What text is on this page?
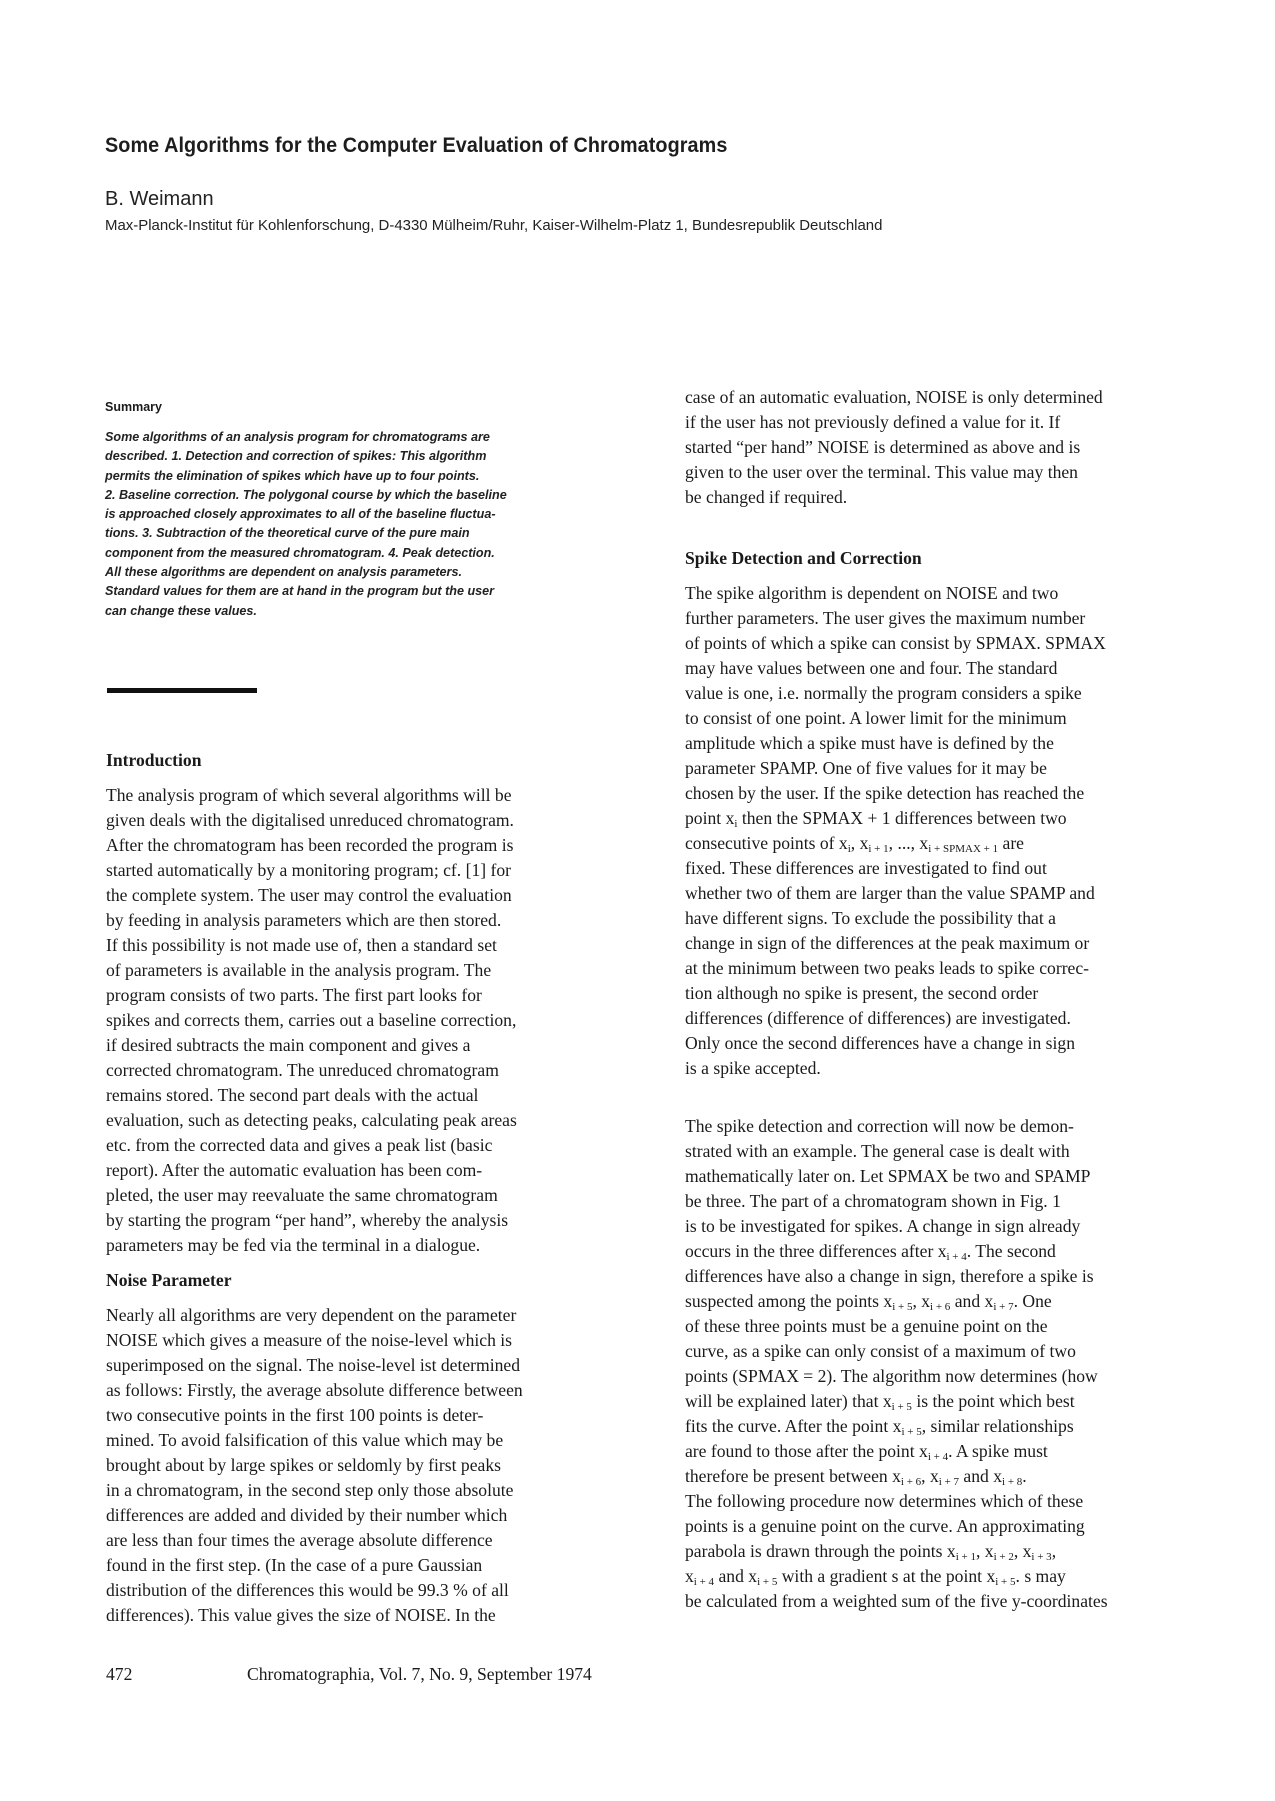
Some Algorithms for the Computer Evaluation of Chromatograms
B. Weimann
Max-Planck-Institut für Kohlenforschung, D-4330 Mülheim/Ruhr, Kaiser-Wilhelm-Platz 1, Bundesrepublik Deutschland
Summary
Some algorithms of an analysis program for chromatograms are
described. 1. Detection and correction of spikes: This algorithm
permits the elimination of spikes which have up to four points.
2. Baseline correction. The polygonal course by which the baseline
is approached closely approximates to all of the baseline fluctua-
tions. 3. Subtraction of the theoretical curve of the pure main
component from the measured chromatogram. 4. Peak detection.
All these algorithms are dependent on analysis parameters.
Standard values for them are at hand in the program but the user
can change these values.
Introduction

The analysis program of which several algorithms will be
given deals with the digitalised unreduced chromatogram.
After the chromatogram has been recorded the program is
started automatically by a monitoring program; cf. [1] for
the complete system. The user may control the evaluation
by feeding in analysis parameters which are then stored.
If this possibility is not made use of, then a standard set
of parameters is available in the analysis program. The
program consists of two parts. The first part looks for
spikes and corrects them, carries out a baseline correction,
if desired subtracts the main component and gives a
corrected chromatogram. The unreduced chromatogram
remains stored. The second part deals with the actual
evaluation, such as detecting peaks, calculating peak areas
etc. from the corrected data and gives a peak list (basic
report). After the automatic evaluation has been com-
pleted, the user may reevaluate the same chromatogram
by starting the program “per hand”, whereby the analysis
parameters may be fed via the terminal in a dialogue.

Noise Parameter

Nearly all algorithms are very dependent on the parameter
NOISE which gives a measure of the noise-level which is
superimposed on the signal. The noise-level ist determined
as follows: Firstly, the average absolute difference between
two consecutive points in the first 100 points is deter-
mined. To avoid falsification of this value which may be
brought about by large spikes or seldomly by first peaks
in a chromatogram, in the second step only those absolute
differences are added and divided by their number which
are less than four times the average absolute difference
found in the first step. (In the case of a pure Gaussian
distribution of the differences this would be 99.3 % of all
differences). This value gives the size of NOISE. In the

case of an automatic evaluation, NOISE is only determined
if the user has not previously defined a value for it. If
started “per hand” NOISE is determined as above and is
given to the user over the terminal. This value may then
be changed if required.

Spike Detection and Correction

The spike algorithm is dependent on NOISE and two
further parameters. The user gives the maximum number
of points of which a spike can consist by SPMAX. SPMAX
may have values between one and four. The standard
value is one, i.e. normally the program considers a spike
to consist of one point. A lower limit for the minimum
amplitude which a spike must have is defined by the
parameter SPAMP. One of five values for it may be
chosen by the user. If the spike detection has reached the
point $x_i$ then the SPMAX + 1 differences between two
consecutive points of $x_i$, $x_{i + 1}$, ..., $x_{i + SPMAX + 1}$ are
fixed. These differences are investigated to find out
whether two of them are larger than the value SPAMP and
have different signs. To exclude the possibility that a
change in sign of the differences at the peak maximum or
at the minimum between two peaks leads to spike correc-
tion although no spike is present, the second order
differences (difference of differences) are investigated.
Only once the second differences have a change in sign
is a spike accepted.

The spike detection and correction will now be demon-
strated with an example. The general case is dealt with
mathematically later on. Let SPMAX be two and SPAMP
be three. The part of a chromatogram shown in Fig. 1
is to be investigated for spikes. A change in sign already
occurs in the three differences after $x_{i + 4}$. The second
differences have also a change in sign, therefore a spike is
suspected among the points $x_{i + 5}$, $x_{i + 6}$ and $x_{i + 7}$. One
of these three points must be a genuine point on the
curve, as a spike can only consist of a maximum of two
points (SPMAX = 2). The algorithm now determines (how
will be explained later) that $x_{i + 5}$ is the point which best
fits the curve. After the point $x_{i + 5}$, similar relationships
are found to those after the point $x_{i + 4}$. A spike must
therefore be present between $x_{i + 6}$, $x_{i + 7}$ and $x_{i + 8}$.
The following procedure now determines which of these
points is a genuine point on the curve. An approximating
parabola is drawn through the points $x_{i + 1}$, $x_{i + 2}$, $x_{i + 3}$,
$x_{i + 4}$ and $x_{i + 5}$ with a gradient s at the point $x_{i + 5}$. s may
be calculated from a weighted sum of the five y-coordinates

472	Chromatographia, Vol. 7, No. 9, September 1974
